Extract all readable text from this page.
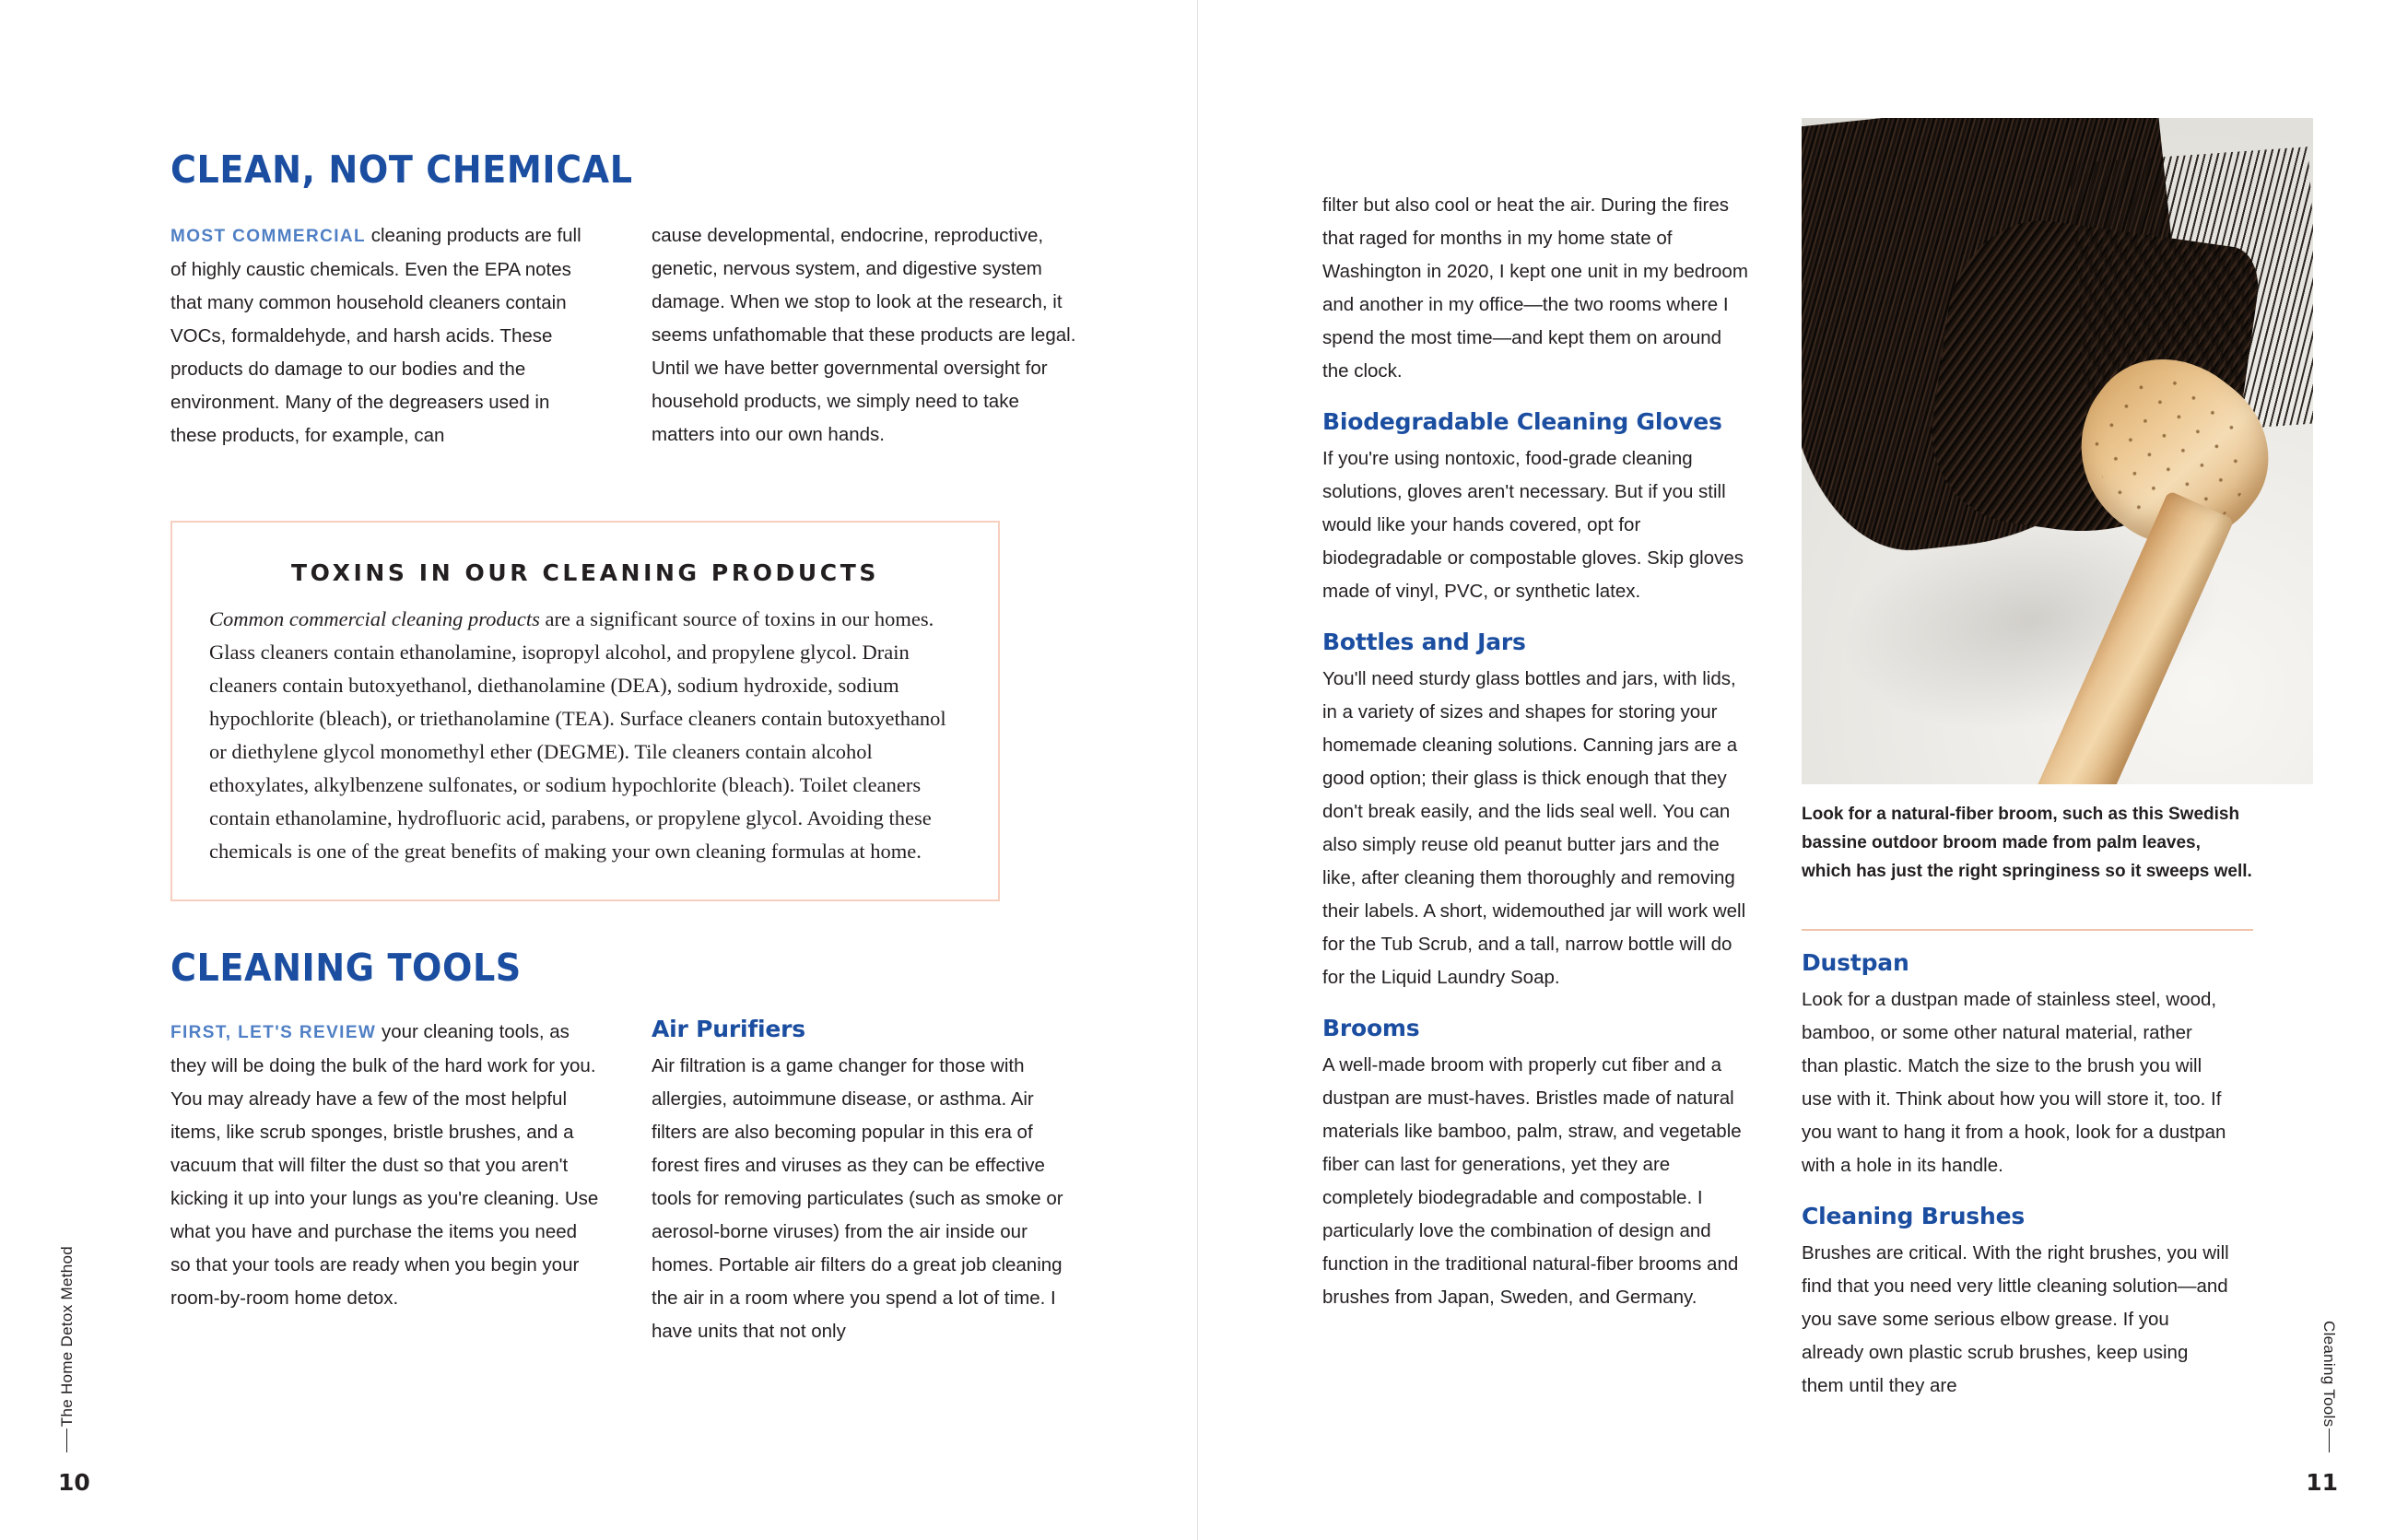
CLEAN, NOT CHEMICAL

MOST COMMERCIAL cleaning products are full of highly caustic chemicals. Even the EPA notes that many common household cleaners contain VOCs, formaldehyde, and harsh acids. These products do damage to our bodies and the environment. Many of the degreasers used in these products, for example, can

cause developmental, endocrine, reproductive, genetic, nervous system, and digestive system damage. When we stop to look at the research, it seems unfathomable that these products are legal. Until we have better governmental oversight for household products, we simply need to take matters into our own hands.

TOXINS IN OUR CLEANING PRODUCTS

Common commercial cleaning products are a significant source of toxins in our homes. Glass cleaners contain ethanolamine, isopropyl alcohol, and propylene glycol. Drain cleaners contain butoxyethanol, diethanolamine (DEA), sodium hydroxide, sodium hypochlorite (bleach), or triethanolamine (TEA). Surface cleaners contain butoxyethanol or diethylene glycol monomethyl ether (DEGME). Tile cleaners contain alcohol ethoxylates, alkylbenzene sulfonates, or sodium hypochlorite (bleach). Toilet cleaners contain ethanolamine, hydrofluoric acid, parabens, or propylene glycol. Avoiding these chemicals is one of the great benefits of making your own cleaning formulas at home.

CLEANING TOOLS

FIRST, LET'S REVIEW your cleaning tools, as they will be doing the bulk of the hard work for you. You may already have a few of the most helpful items, like scrub sponges, bristle brushes, and a vacuum that will filter the dust so that you aren't kicking it up into your lungs as you're cleaning. Use what you have and purchase the items you need so that your tools are ready when you begin your room-by-room home detox.

Air Purifiers

Air filtration is a game changer for those with allergies, autoimmune disease, or asthma. Air filters are also becoming popular in this era of forest fires and viruses as they can be effective tools for removing particulates (such as smoke or aerosol-borne viruses) from the air inside our homes. Portable air filters do a great job cleaning the air in a room where you spend a lot of time. I have units that not only

The Home Detox Method
10

filter but also cool or heat the air. During the fires that raged for months in my home state of Washington in 2020, I kept one unit in my bedroom and another in my office—the two rooms where I spend the most time—and kept them on around the clock.

Biodegradable Cleaning Gloves

If you're using nontoxic, food-grade cleaning solutions, gloves aren't necessary. But if you still would like your hands covered, opt for biodegradable or compostable gloves. Skip gloves made of vinyl, PVC, or synthetic latex.

Bottles and Jars

You'll need sturdy glass bottles and jars, with lids, in a variety of sizes and shapes for storing your homemade cleaning solutions. Canning jars are a good option; their glass is thick enough that they don't break easily, and the lids seal well. You can also simply reuse old peanut butter jars and the like, after cleaning them thoroughly and removing their labels. A short, widemouthed jar will work well for the Tub Scrub, and a tall, narrow bottle will do for the Liquid Laundry Soap.

Brooms

A well-made broom with properly cut fiber and a dustpan are must-haves. Bristles made of natural materials like bamboo, palm, straw, and vegetable fiber can last for generations, yet they are completely biodegradable and compostable. I particularly love the combination of design and function in the traditional natural-fiber brooms and brushes from Japan, Sweden, and Germany.

Look for a natural-fiber broom, such as this Swedish bassine outdoor broom made from palm leaves, which has just the right springiness so it sweeps well.
Dustpan

Look for a dustpan made of stainless steel, wood, bamboo, or some other natural material, rather than plastic. Match the size to the brush you will use with it. Think about how you will store it, too. If you want to hang it from a hook, look for a dustpan with a hole in its handle.

Cleaning Brushes

Brushes are critical. With the right brushes, you will find that you need very little cleaning solution—and you save some serious elbow grease. If you already own plastic scrub brushes, keep using them until they are	Cleaning Tools
11
